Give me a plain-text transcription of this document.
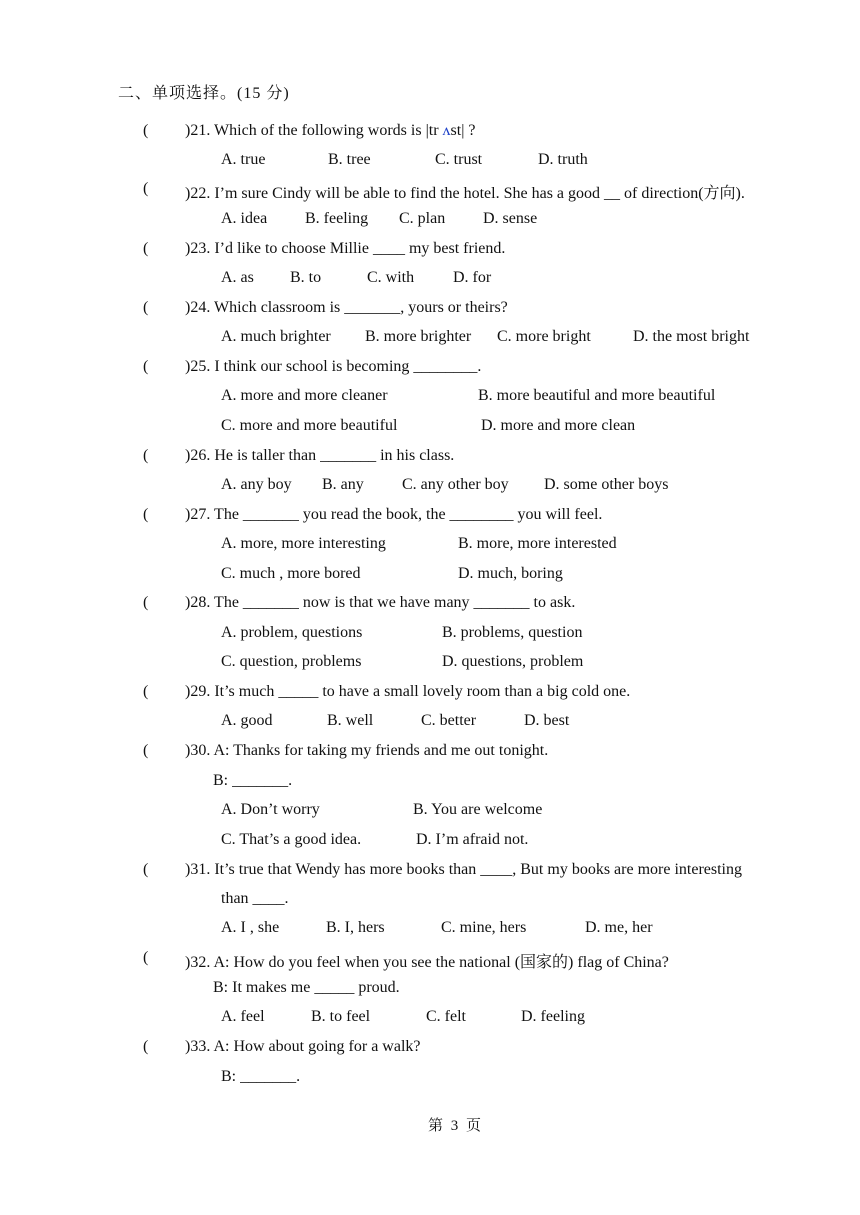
二、单项选择。(15 分)
( )21. Which of the following words is |tr ʌst| ?
A. true	B. tree	C. trust	D. truth
( )22. I’m sure Cindy will be able to find the hotel. She has a good __ of direction(方向).
A. idea B. feeling C. plan D. sense
( )23. I’d like to choose Millie ____ my best friend.
A. as B. to	C. with D. for
( )24. Which classroom is _______, yours or theirs?
A. much brighter B. more brighter C. more bright	D. the most bright
( )25. I think our school is becoming ________.
A. more and more cleaner	B. more beautiful and more beautiful
C. more and more beautiful	D. more and more clean
( )26. He is taller than _______ in his class.
A. any boy B. any C. any other boy D. some other boys
( )27. The _______ you read the book, the ________ you will feel.
A. more, more interesting	B. more, more interested
C. much , more bored	D. much, boring
( )28. The _______ now is that we have many _______ to ask.
A. problem, questions	B. problems, question
C. question, problems	D. questions, problem
( )29. It’s much _____ to have a small lovely room than a big cold one.
A. good	B. well	C. better	D. best
( )30. A: Thanks for taking my friends and me out tonight.
B: _______.
A. Don’t worry	B. You are welcome
C. That’s a good idea.	D. I’m afraid not.
( )31. It’s true that Wendy has more books than ____, But my books are more interesting
than ____.
A. I , she	B. I, hers	C. mine, hers	D. me, her
( )32. A: How do you feel when you see the national (国家的) flag of China?
B: It makes me _____ proud.
A. feel	B. to feel	C. felt	D. feeling
( )33. A: How about going for a walk?
B: _______.
第 3 页
